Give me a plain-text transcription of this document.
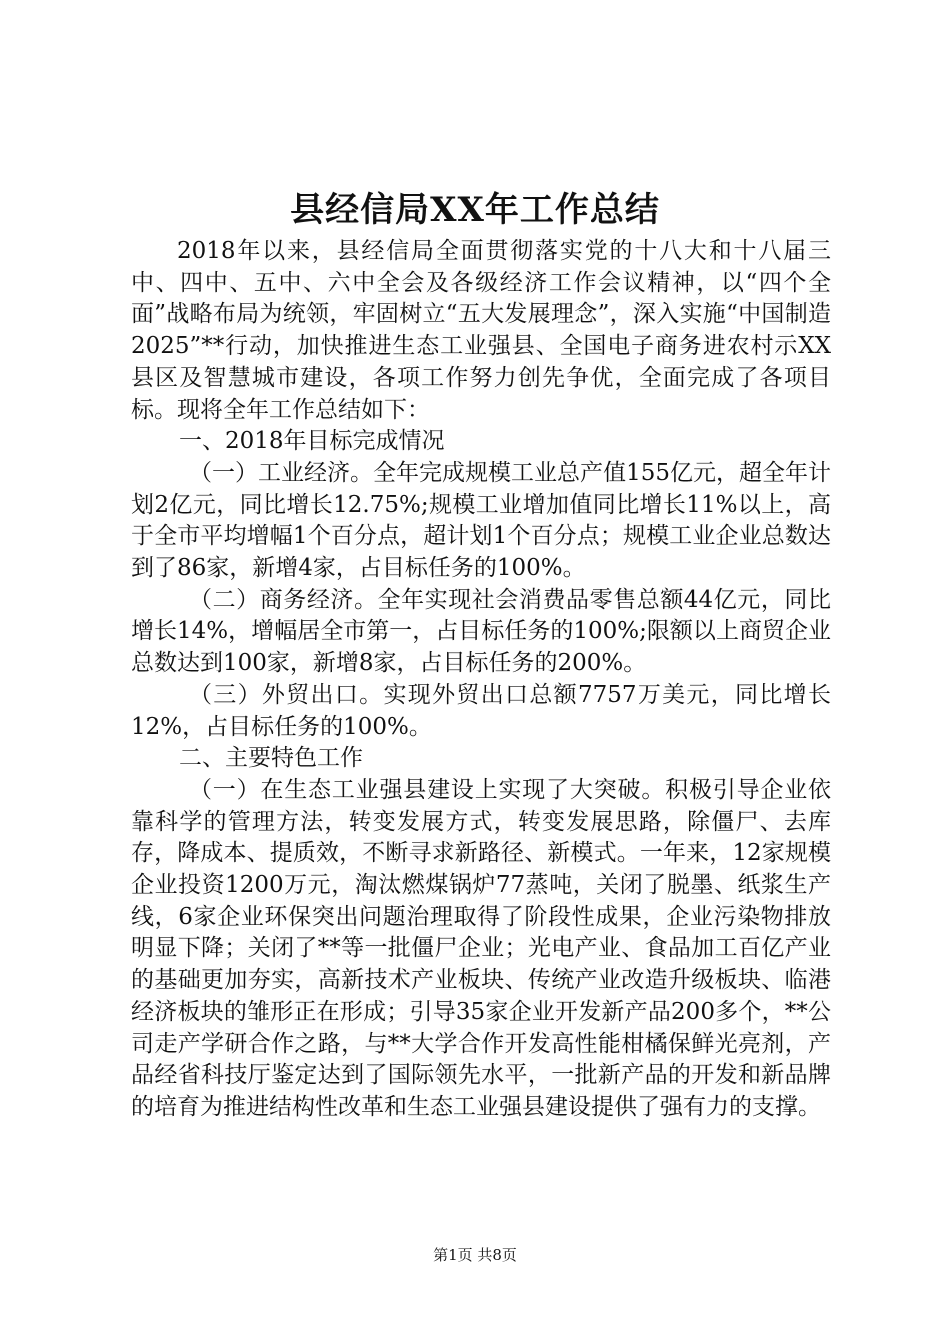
县经信局XX年工作总结

2018年以来，县经信局全面贯彻落实党的十八大和十八届三中、四中、五中、六中全会及各级经济工作会议精神，以“四个全面”战略布局为统领，牢固树立“五大发展理念”，深入实施“中国制造2025”**行动，加快推进生态工业强县、全国电子商务进农村示XX县区及智慧城市建设，各项工作努力创先争优，全面完成了各项目标。现将全年工作总结如下：

一、2018年目标完成情况

（一）工业经济。全年完成规模工业总产值155亿元，超全年计划2亿元，同比增长12.75%;规模工业增加值同比增长11%以上，高于全市平均增幅1个百分点，超计划1个百分点；规模工业企业总数达到了86家，新增4家，占目标任务的100%。

（二）商务经济。全年实现社会消费品零售总额44亿元，同比增长14%，增幅居全市第一，占目标任务的100%;限额以上商贸企业总数达到100家，新增8家，占目标任务的200%。

（三）外贸出口。实现外贸出口总额7757万美元，同比增长12%，占目标任务的100%。

二、主要特色工作

（一）在生态工业强县建设上实现了大突破。积极引导企业依靠科学的管理方法，转变发展方式，转变发展思路，除僵尸、去库存，降成本、提质效，不断寻求新路径、新模式。一年来，12家规模企业投资1200万元，淘汰燃煤锅炉77蒸吨，关闭了脱墨、纸浆生产线，6家企业环保突出问题治理取得了阶段性成果，企业污染物排放明显下降；关闭了**等一批僵尸企业；光电产业、食品加工百亿产业的基础更加夯实，高新技术产业板块、传统产业改造升级板块、临港经济板块的雏形正在形成；引导35家企业开发新产品200多个，**公司走产学研合作之路，与**大学合作开发高性能柑橘保鲜光亮剂，产品经省科技厅鉴定达到了国际领先水平，一批新产品的开发和新品牌的培育为推进结构性改革和生态工业强县建设提供了强有力的支撑。

第1页 共8页
